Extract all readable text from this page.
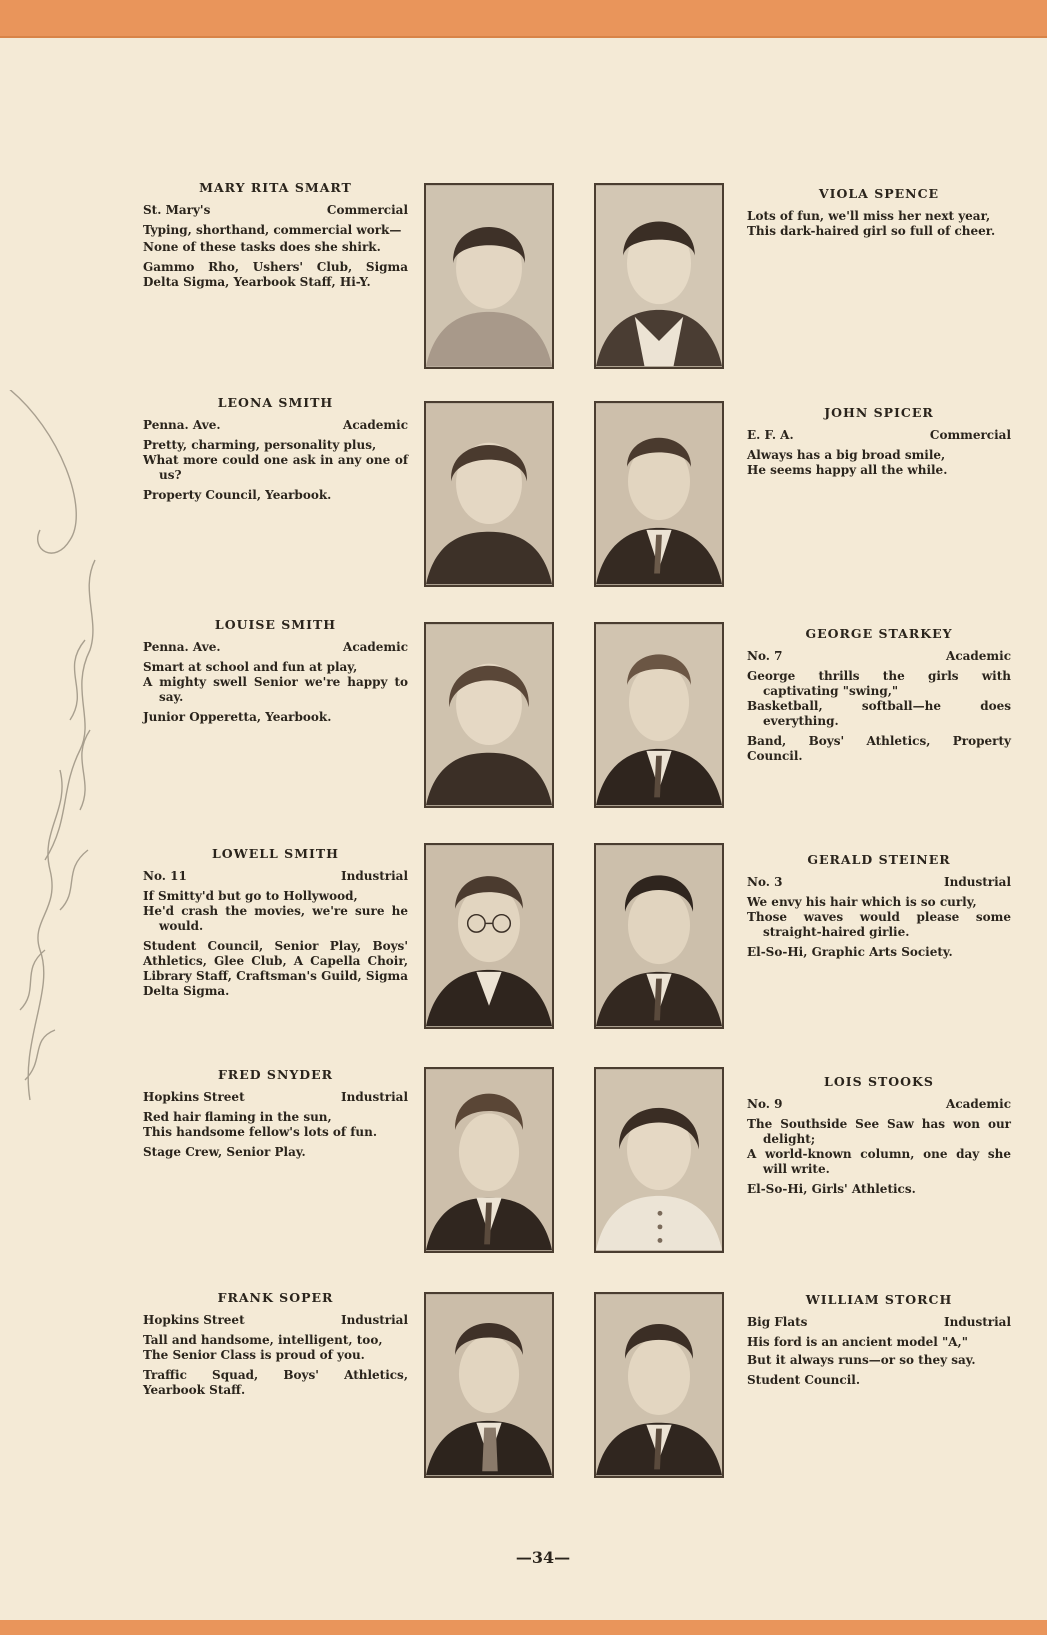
MARY RITA SMART
St. Mary's	Commercial
Typing, shorthand, commercial work—
None of these tasks does she shirk.
Gammo Rho, Ushers' Club, Sigma Delta Sigma, Yearbook Staff, Hi-Y.
LEONA SMITH
Penna. Ave.	Academic
Pretty, charming, personality plus,
What more could one ask in any one of us?
Property Council, Yearbook.
LOUISE SMITH
Penna. Ave.	Academic
Smart at school and fun at play,
A mighty swell Senior we're happy to say.
Junior Opperetta, Yearbook.
LOWELL SMITH
No. 11	Industrial
If Smitty'd but go to Hollywood,
He'd crash the movies, we're sure he would.
Student Council, Senior Play, Boys' Athletics, Glee Club, A Capella Choir, Library Staff, Craftsman's Guild, Sigma Delta Sigma.
FRED SNYDER
Hopkins Street	Industrial
Red hair flaming in the sun,
This handsome fellow's lots of fun.
Stage Crew, Senior Play.
FRANK SOPER
Hopkins Street	Industrial
Tall and handsome, intelligent, too,
The Senior Class is proud of you.
Traffic Squad, Boys' Athletics, Yearbook Staff.
VIOLA SPENCE
Lots of fun, we'll miss her next year,
This dark-haired girl so full of cheer.
JOHN SPICER
E. F. A.	Commercial
Always has a big broad smile,
He seems happy all the while.
GEORGE STARKEY
No. 7	Academic
George thrills the girls with captivating "swing,"
Basketball, softball—he does everything.
Band, Boys' Athletics, Property Council.
GERALD STEINER
No. 3	Industrial
We envy his hair which is so curly,
Those waves would please some straight-haired girlie.
El-So-Hi, Graphic Arts Society.
LOIS STOOKS
No. 9	Academic
The Southside See Saw has won our delight;
A world-known column, one day she will write.
El-So-Hi, Girls' Athletics.
WILLIAM STORCH
Big Flats	Industrial
His ford is an ancient model "A,"
But it always runs—or so they say.
Student Council.
—34—
